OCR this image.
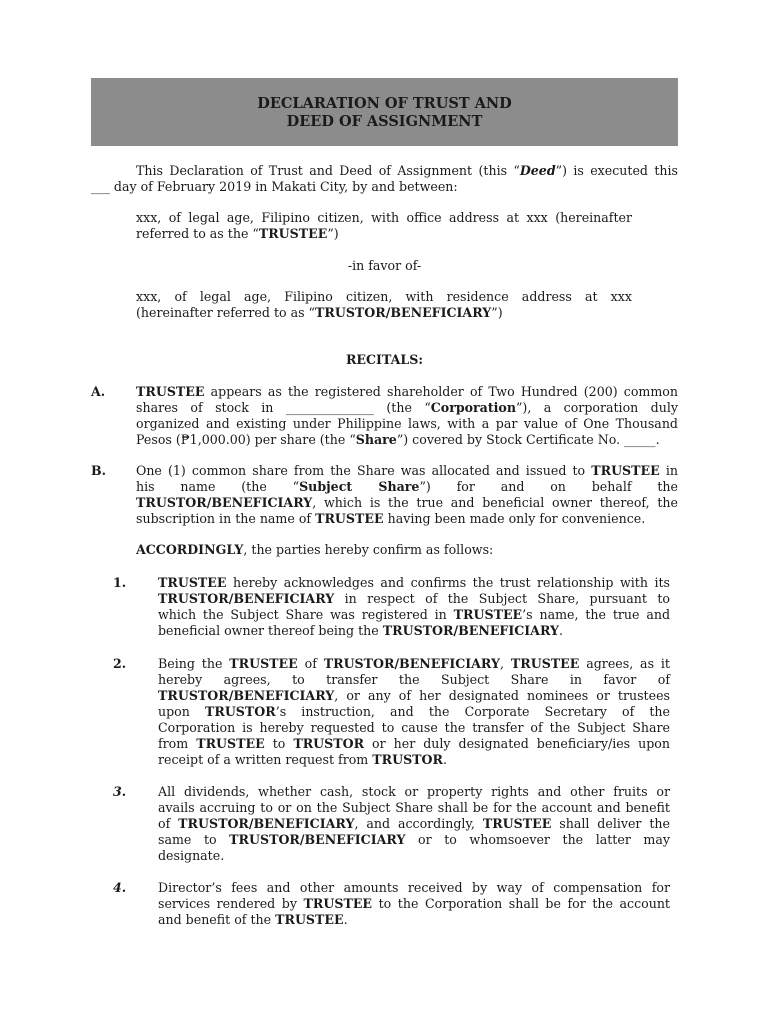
DECLARATION OF TRUST AND
DEED OF ASSIGNMENT
This Declaration of Trust and Deed of Assignment (this “Deed”) is executed this
___ day of February 2019 in Makati City, by and between:
xxx, of legal age, Filipino citizen, with office address at xxx (hereinafter
referred to as the “TRUSTEE”)
-in favor of-
xxx, of legal age, Filipino citizen, with residence address at xxx
(hereinafter referred to as “TRUSTOR/BENEFICIARY”)
RECITALS:
A. TRUSTEE appears as the registered shareholder of Two Hundred (200) common
shares of stock in ______________ (the “Corporation”), a corporation duly
organized and existing under Philippine laws, with a par value of One Thousand
Pesos (₱1,000.00) per share (the “Share”) covered by Stock Certificate No. _____.
B. One (1) common share from the Share was allocated and issued to TRUSTEE in
his name (the “Subject Share”) for and on behalf the
TRUSTOR/BENEFICIARY, which is the true and beneficial owner thereof, the
subscription in the name of TRUSTEE having been made only for convenience.
ACCORDINGLY, the parties hereby confirm as follows:
1.	TRUSTEE hereby acknowledges and confirms the trust relationship with its
TRUSTOR/BENEFICIARY in respect of the Subject Share, pursuant to
which the Subject Share was registered in TRUSTEE’s name, the true and
beneficial owner thereof being the TRUSTOR/BENEFICIARY.
2.	Being the TRUSTEE of TRUSTOR/BENEFICIARY, TRUSTEE agrees, as it
hereby agrees, to transfer the Subject Share in favor of
TRUSTOR/BENEFICIARY, or any of her designated nominees or trustees
upon TRUSTOR’s instruction, and the Corporate Secretary of the
Corporation is hereby requested to cause the transfer of the Subject Share
from TRUSTEE to TRUSTOR or her duly designated beneficiary/ies upon
receipt of a written request from TRUSTOR.
3.	All dividends, whether cash, stock or property rights and other fruits or
avails accruing to or on the Subject Share shall be for the account and benefit
of TRUSTOR/BENEFICIARY, and accordingly, TRUSTEE shall deliver the
same to TRUSTOR/BENEFICIARY or to whomsoever the latter may
designate.
4.	Director’s fees and other amounts received by way of compensation for
services rendered by TRUSTEE to the Corporation shall be for the account
and benefit of the TRUSTEE.
